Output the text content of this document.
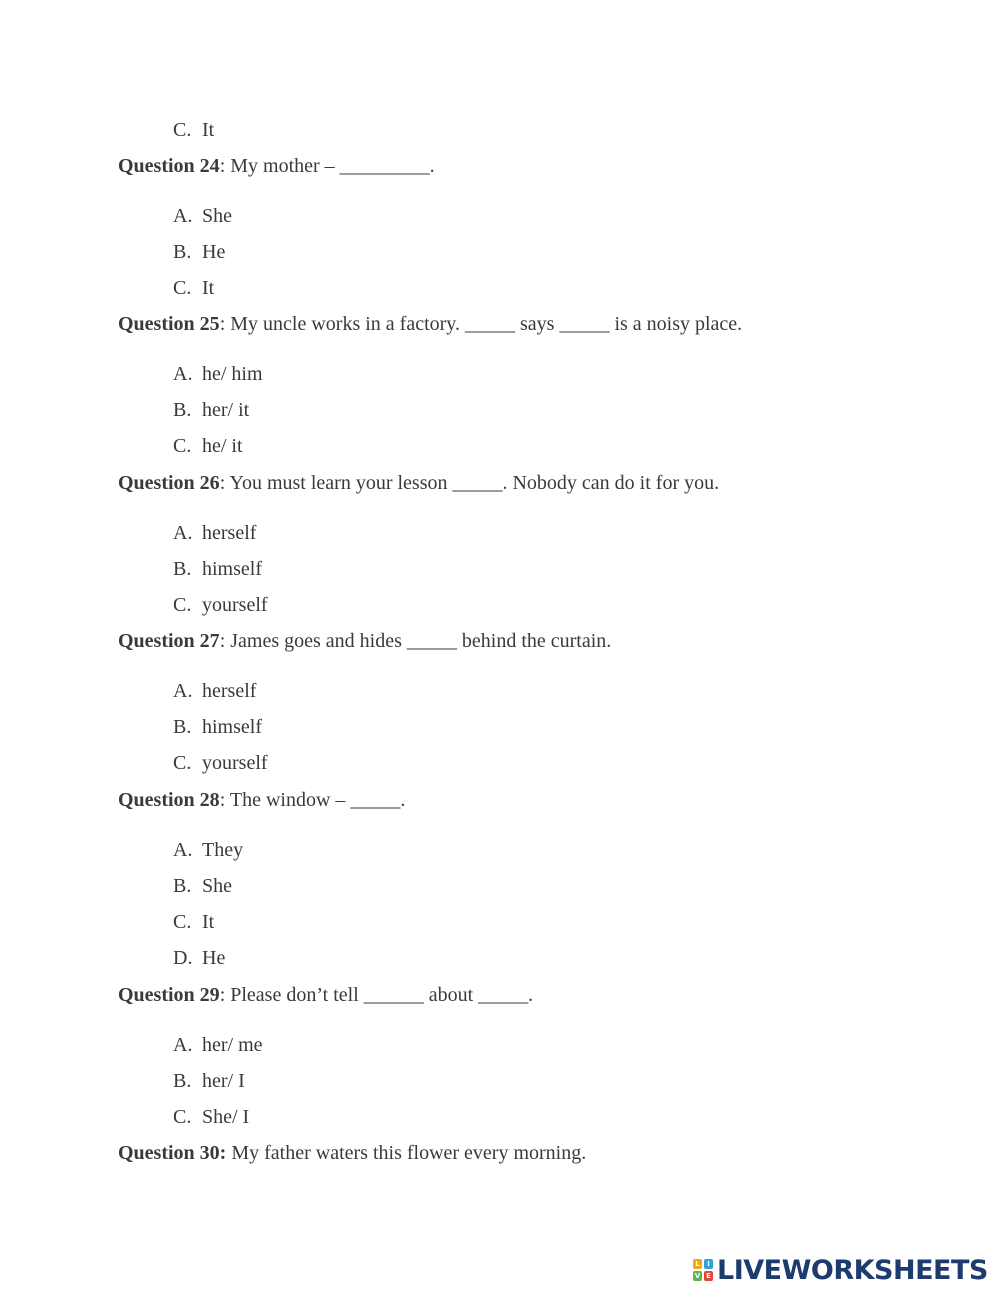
C. It
Question 24: My mother – _________.
A. She
B. He
C. It
Question 25: My uncle works in a factory. _____ says _____ is a noisy place.
A. he/ him
B. her/ it
C. he/ it
Question 26: You must learn your lesson _____. Nobody can do it for you.
A. herself
B. himself
C. yourself
Question 27: James goes and hides _____ behind the curtain.
A. herself
B. himself
C. yourself
Question 28: The window – _____.
A. They
B. She
C. It
D. He
Question 29: Please don’t tell ______ about _____.
A. her/ me
B. her/ I
C. She/ I
Question 30: My father waters this flower every morning.
L	I
V E LIVEWORKSHEETS
